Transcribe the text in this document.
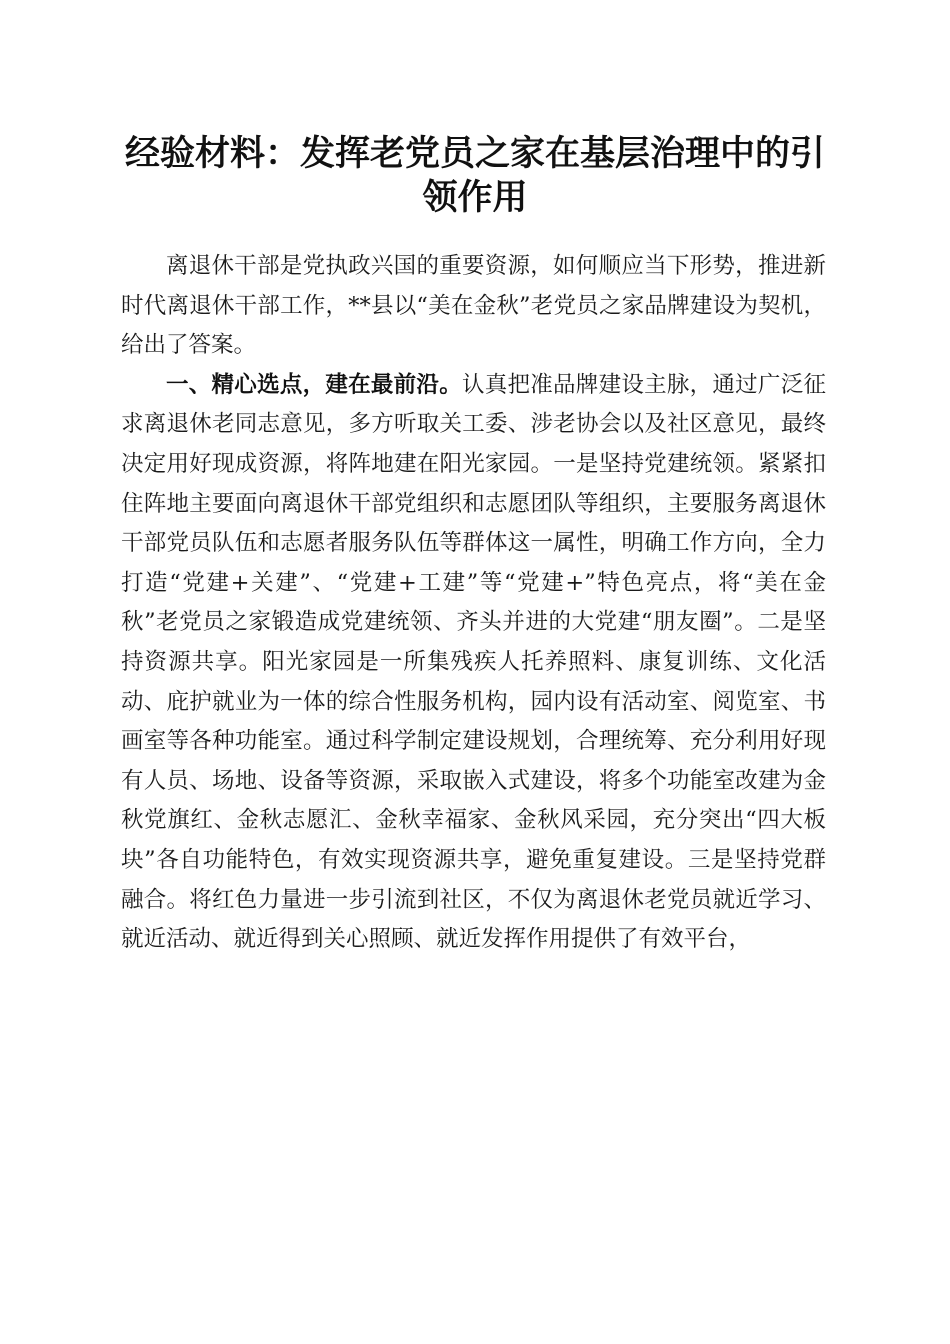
经验材料：发挥老党员之家在基层治理中的引领作用

离退休干部是党执政兴国的重要资源，如何顺应当下形势，推进新时代离退休干部工作，**县以“美在金秋”老党员之家品牌建设为契机，给出了答案。

一、精心选点，建在最前沿。认真把准品牌建设主脉，通过广泛征求离退休老同志意见，多方听取关工委、涉老协会以及社区意见，最终决定用好现成资源，将阵地建在阳光家园。一是坚持党建统领。紧紧扣住阵地主要面向离退休干部党组织和志愿团队等组织，主要服务离退休干部党员队伍和志愿者服务队伍等群体这一属性，明确工作方向，全力打造“党建+关建”、“党建+工建”等“党建+”特色亮点，将“美在金秋”老党员之家锻造成党建统领、齐头并进的大党建“朋友圈”。二是坚持资源共享。阳光家园是一所集残疾人托养照料、康复训练、文化活动、庇护就业为一体的综合性服务机构，园内设有活动室、阅览室、书画室等各种功能室。通过科学制定建设规划，合理统筹、充分利用好现有人员、场地、设备等资源，采取嵌入式建设，将多个功能室改建为金秋党旗红、金秋志愿汇、金秋幸福家、金秋风采园，充分突出“四大板块”各自功能特色，有效实现资源共享，避免重复建设。三是坚持党群融合。将红色力量进一步引流到社区，不仅为离退休老党员就近学习、就近活动、就近得到关心照顾、就近发挥作用提供了有效平台，
